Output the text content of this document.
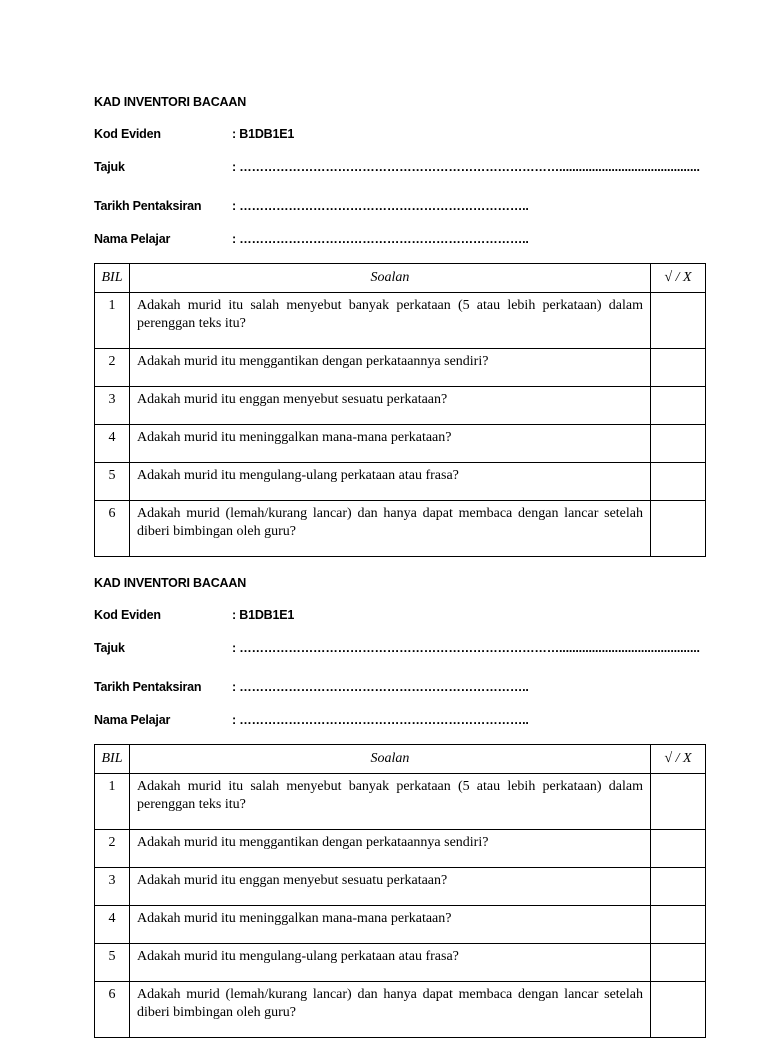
KAD INVENTORI BACAAN
Kod Eviden	: B1DB1E1
Tajuk	: ……………………………………………………………………...........................................
Tarikh Pentaksiran : ……………………………………………………………..
Nama Pelajar	: ……………………………………………………………..
BIL	Soalan	√ / X
1	Adakah murid itu salah menyebut banyak perkataan (5 atau lebih perkataan) dalam perenggan teks itu?	
2	Adakah murid itu menggantikan dengan perkataannya sendiri?	
3	Adakah murid itu enggan menyebut sesuatu perkataan?	
4	Adakah murid itu meninggalkan mana-mana perkataan?	
5	Adakah murid itu mengulang-ulang perkataan atau frasa?	
6	Adakah murid (lemah/kurang lancar) dan hanya dapat membaca dengan lancar setelah diberi bimbingan oleh guru?	
KAD INVENTORI BACAAN
Kod Eviden	: B1DB1E1
Tajuk	: ……………………………………………………………………...........................................
Tarikh Pentaksiran : ……………………………………………………………..
Nama Pelajar	: ……………………………………………………………..
BIL	Soalan	√ / X
1	Adakah murid itu salah menyebut banyak perkataan (5 atau lebih perkataan) dalam perenggan teks itu?	
2	Adakah murid itu menggantikan dengan perkataannya sendiri?	
3	Adakah murid itu enggan menyebut sesuatu perkataan?	
4	Adakah murid itu meninggalkan mana-mana perkataan?	
5	Adakah murid itu mengulang-ulang perkataan atau frasa?	
6	Adakah murid (lemah/kurang lancar) dan hanya dapat membaca dengan lancar setelah diberi bimbingan oleh guru?	
